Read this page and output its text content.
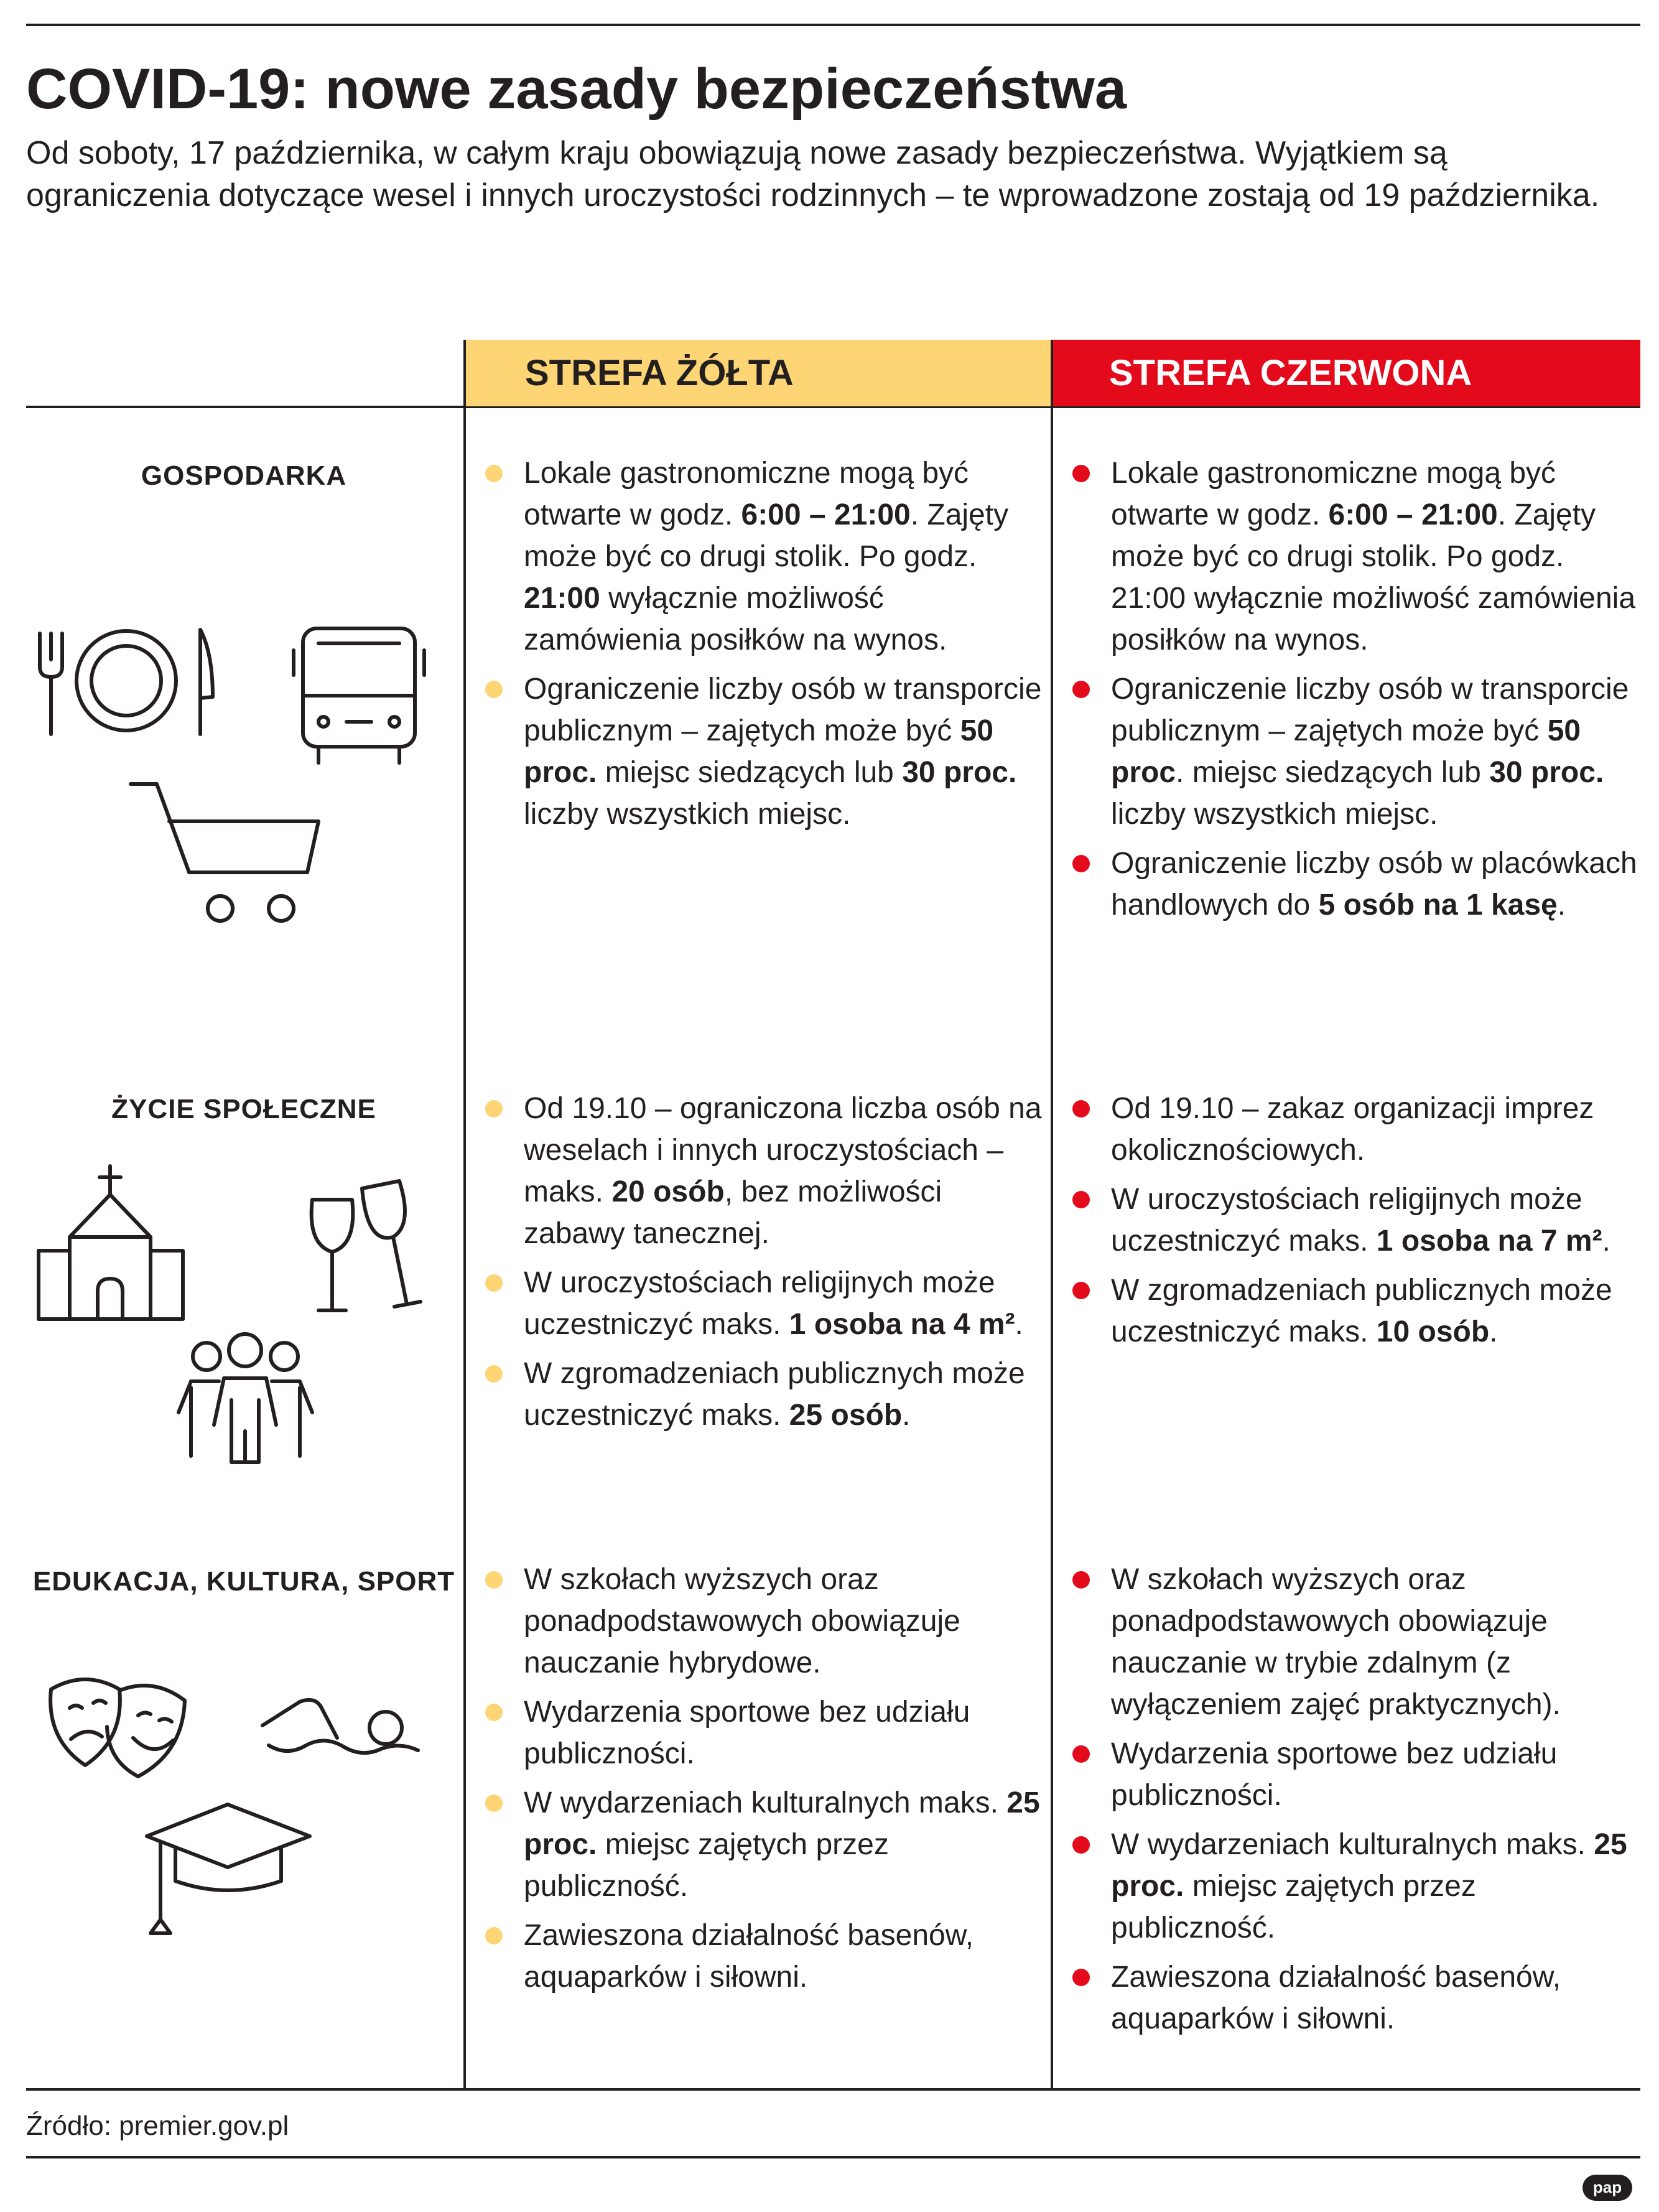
COVID-19: nowe zasady bezpieczeństwa

Od soboty, 17 października, w całym kraju obowiązują nowe zasady bezpieczeństwa. Wyjątkiem są ograniczenia dotyczące wesel i innych uroczystości rodzinnych – te wprowadzone zostają od 19 października.

STREFA ŻÓŁTA	STREFA CZERWONA
GOSPODARKA
ŻYCIE SPOŁECZNE
EDUKACJA, KULTURA, SPORT
Lokale gastronomiczne mogą być otwarte w godz. 6:00 – 21:00. Zajęty może być co drugi stolik. Po godz. 21:00 wyłącznie możliwość zamówienia posiłków na wynos.
Ograniczenie liczby osób w transporcie publicznym – zajętych może być 50 proc. miejsc siedzących lub 30 proc. liczby wszystkich miejsc.
Lokale gastronomiczne mogą być otwarte w godz. 6:00 – 21:00. Zajęty może być co drugi stolik. Po godz. 21:00 wyłącznie możliwość zamówienia posiłków na wynos.
Ograniczenie liczby osób w transporcie publicznym – zajętych może być 50 proc. miejsc siedzących lub 30 proc. liczby wszystkich miejsc.
Ograniczenie liczby osób w placówkach handlowych do 5 osób na 1 kasę.
Od 19.10 – ograniczona liczba osób na weselach i innych uroczystościach – maks. 20 osób, bez możliwości zabawy tanecznej.
W uroczystościach religijnych może uczestniczyć maks. 1 osoba na 4 m².
W zgromadzeniach publicznych może uczestniczyć maks. 25 osób.
Od 19.10 – zakaz organizacji imprez okolicznościowych.
W uroczystościach religijnych może uczestniczyć maks. 1 osoba na 7 m².
W zgromadzeniach publicznych może uczestniczyć maks. 10 osób.
W szkołach wyższych oraz ponadpodstawowych obowiązuje nauczanie hybrydowe.
Wydarzenia sportowe bez udziału publiczności.
W wydarzeniach kulturalnych maks. 25 proc. miejsc zajętych przez publiczność.
Zawieszona działalność basenów, aquaparków i siłowni.
W szkołach wyższych oraz ponadpodstawowych obowiązuje nauczanie w trybie zdalnym (z wyłączeniem zajęć praktycznych).
Wydarzenia sportowe bez udziału publiczności.
W wydarzeniach kulturalnych maks. 25 proc. miejsc zajętych przez publiczność.
Zawieszona działalność basenów, aquaparków i siłowni.
Źródło: premier.gov.pl
pap
